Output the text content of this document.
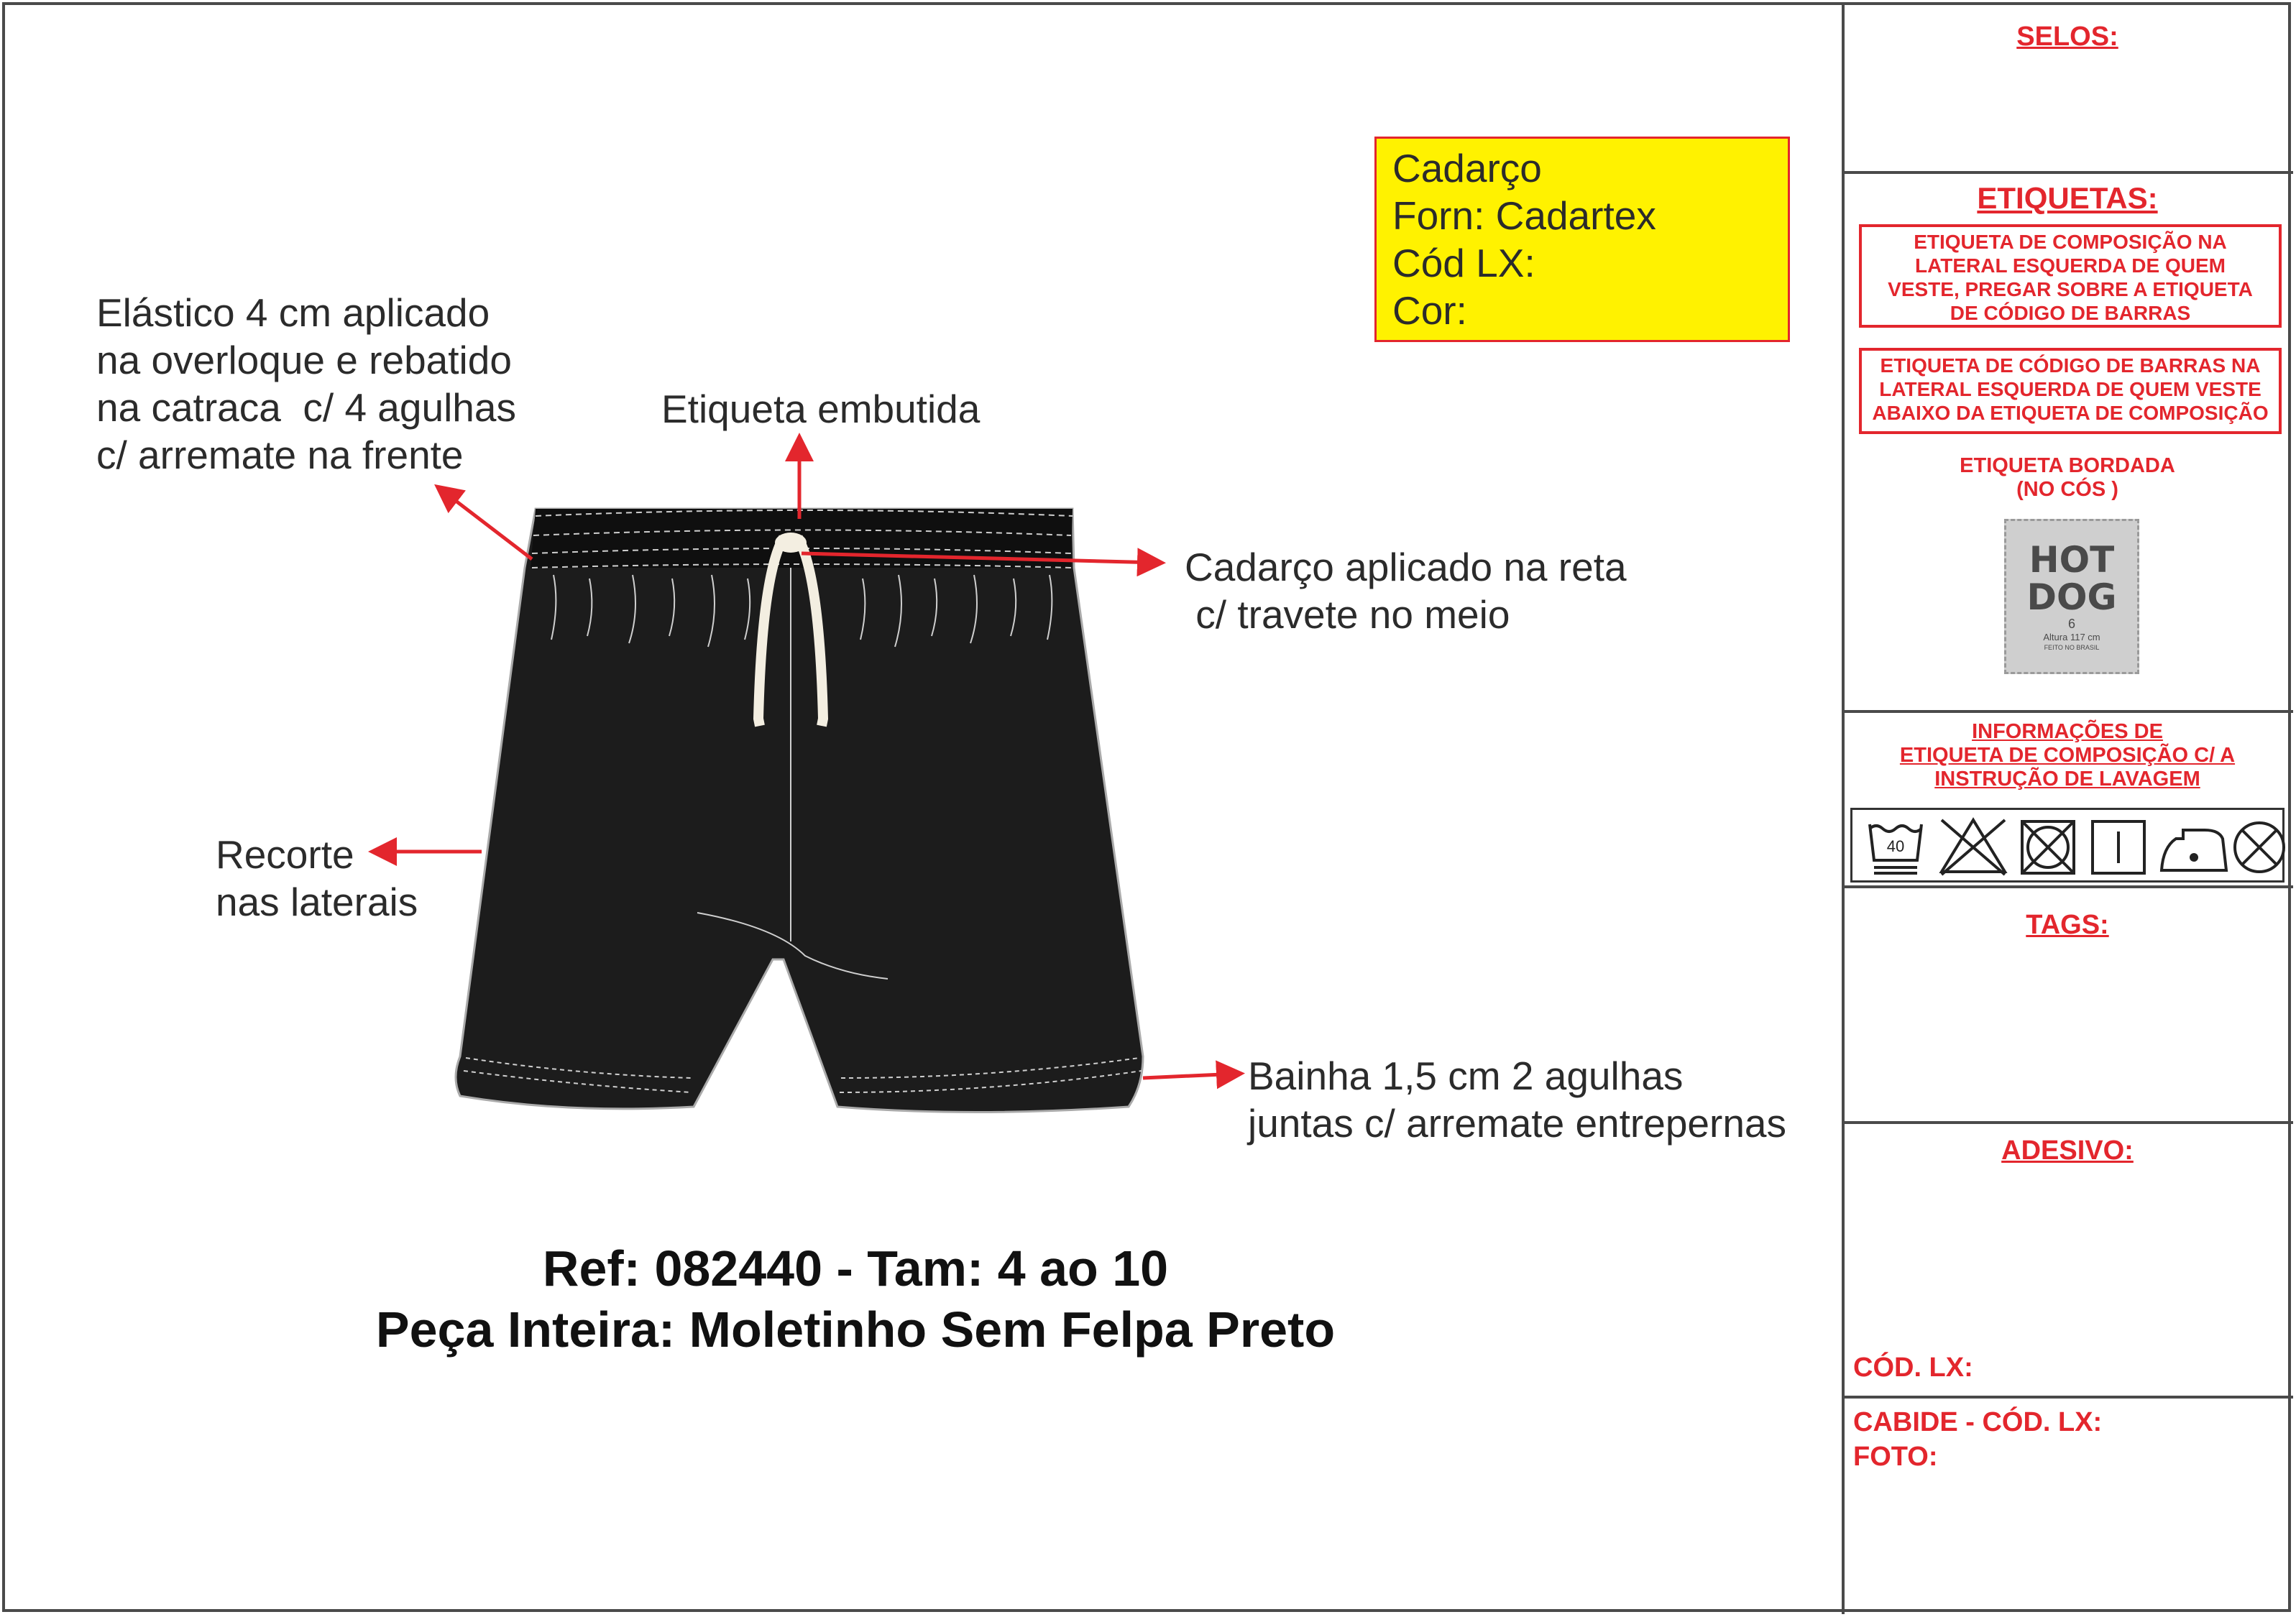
Elástico 4 cm aplicado
na overloque e rebatido
na catraca  c/ 4 agulhas
c/ arremate na frente
Etiqueta embutida
Cadarço aplicado na reta
c/ travete no meio
Recorte
nas laterais
Bainha 1,5 cm 2 agulhas
juntas c/ arremate entrepernas
Cadarço
Forn: Cadartex
Cód LX:
Cor:
Ref: 082440 - Tam: 4 ao 10
Peça Inteira: Moletinho Sem Felpa Preto
SELOS:
ETIQUETAS:
ETIQUETA DE COMPOSIÇÃO NA
LATERAL ESQUERDA DE QUEM
VESTE, PREGAR SOBRE A ETIQUETA
DE CÓDIGO DE BARRAS
ETIQUETA DE CÓDIGO DE BARRAS NA
LATERAL ESQUERDA DE QUEM VESTE
ABAIXO DA ETIQUETA DE COMPOSIÇÃO
ETIQUETA BORDADA
(NO CÓS )
HOT
DOG
6
Altura 117 cm
FEITO NO BRASIL
INFORMAÇÕES DE
ETIQUETA DE COMPOSIÇÃO C/ A
INSTRUÇÃO DE LAVAGEM
40
TAGS:
ADESIVO:
CÓD. LX:
CABIDE - CÓD. LX:
FOTO:
